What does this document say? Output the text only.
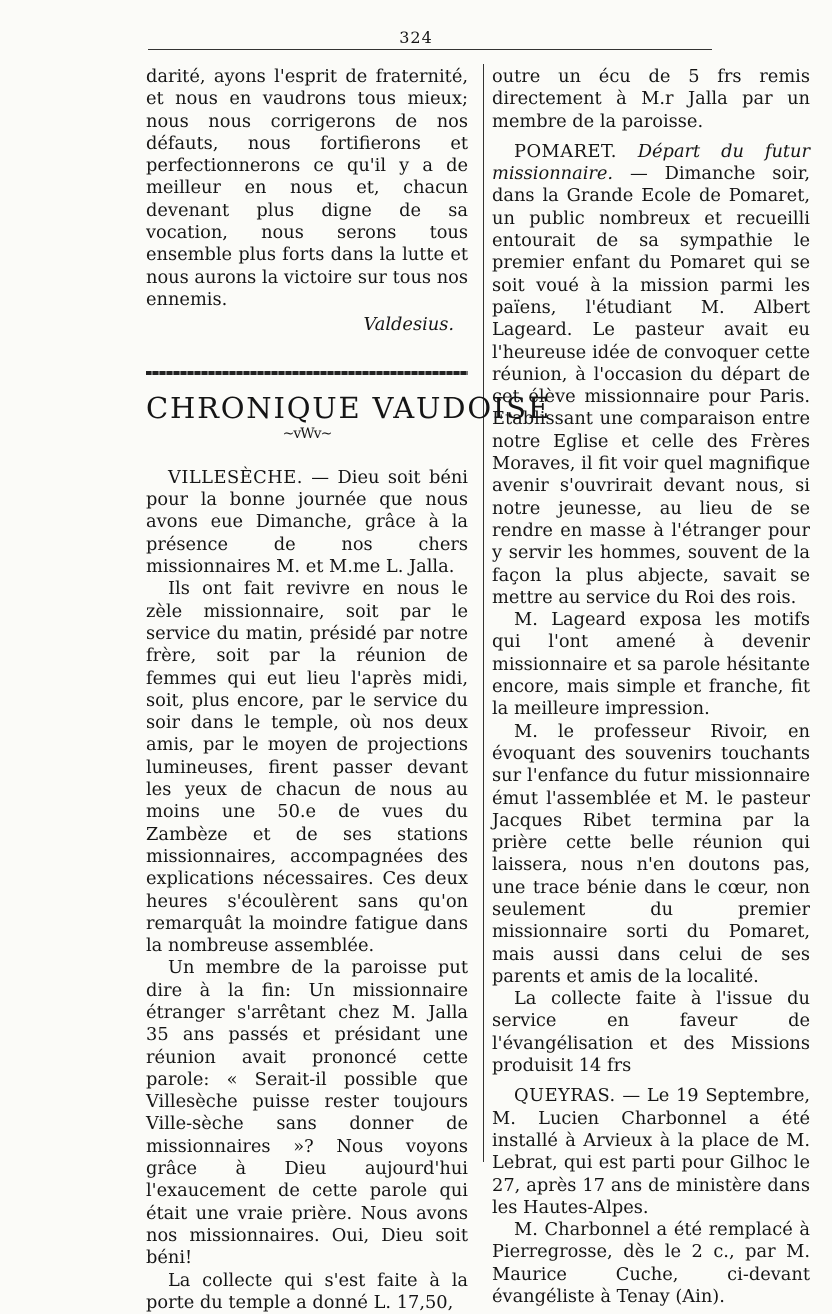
324

darité, ayons l'esprit de fraternité, et nous en vaudrons tous mieux; nous nous corrigerons de nos défauts, nous fortifierons et perfectionnerons ce qu'il y a de meilleur en nous et, chacun devenant plus digne de sa vocation, nous serons tous ensemble plus forts dans la lutte et nous aurons la victoire sur tous nos ennemis.

Valdesius.

CHRONIQUE VAUDOISE
~vWv~

VILLESÈCHE. — Dieu soit béni pour la bonne journée que nous avons eue Dimanche, grâce à la présence de nos chers missionnaires M. et M.me L. Jalla.

Ils ont fait revivre en nous le zèle missionnaire, soit par le service du matin, présidé par notre frère, soit par la réunion de femmes qui eut lieu l'après midi, soit, plus encore, par le service du soir dans le temple, où nos deux amis, par le moyen de projections lumineuses, firent passer devant les yeux de chacun de nous au moins une 50.e de vues du Zambèze et de ses stations missionnaires, accompagnées des explications nécessaires. Ces deux heures s'écoulèrent sans qu'on remarquât la moindre fatigue dans la nombreuse assemblée.

Un membre de la paroisse put dire à la fin: Un missionnaire étranger s'arrêtant chez M. Jalla 35 ans passés et présidant une réunion avait prononcé cette parole: « Serait-il possible que Villesèche puisse rester toujours Ville-sèche sans donner de missionnaires »? Nous voyons grâce à Dieu aujourd'hui l'exaucement de cette parole qui était une vraie prière. Nous avons nos missionnaires. Oui, Dieu soit béni!

La collecte qui s'est faite à la porte du temple a donné L. 17,50,

outre un écu de 5 frs remis directement à M.r Jalla par un membre de la paroisse.

POMARET. Départ du futur missionnaire. — Dimanche soir, dans la Grande Ecole de Pomaret, un public nombreux et recueilli entourait de sa sympathie le premier enfant du Pomaret qui se soit voué à la mission parmi les païens, l'étudiant M. Albert Lageard. Le pasteur avait eu l'heureuse idée de convoquer cette réunion, à l'occasion du départ de cet élève missionnaire pour Paris. Etablissant une comparaison entre notre Eglise et celle des Frères Moraves, il fit voir quel magnifique avenir s'ouvrirait devant nous, si notre jeunesse, au lieu de se rendre en masse à l'étranger pour y servir les hommes, souvent de la façon la plus abjecte, savait se mettre au service du Roi des rois.

M. Lageard exposa les motifs qui l'ont amené à devenir missionnaire et sa parole hésitante encore, mais simple et franche, fit la meilleure impression.

M. le professeur Rivoir, en évoquant des souvenirs touchants sur l'enfance du futur missionnaire émut l'assemblée et M. le pasteur Jacques Ribet termina par la prière cette belle réunion qui laissera, nous n'en doutons pas, une trace bénie dans le cœur, non seulement du premier missionnaire sorti du Pomaret, mais aussi dans celui de ses parents et amis de la localité.

La collecte faite à l'issue du service en faveur de l'évangélisation et des Missions produisit 14 frs

QUEYRAS. — Le 19 Septembre, M. Lucien Charbonnel a été installé à Arvieux à la place de M. Lebrat, qui est parti pour Gilhoc le 27, après 17 ans de ministère dans les Hautes-Alpes.

M. Charbonnel a été remplacé à Pierregrosse, dès le 2 c., par M. Maurice Cuche, ci-devant évangéliste à Tenay (Ain).
